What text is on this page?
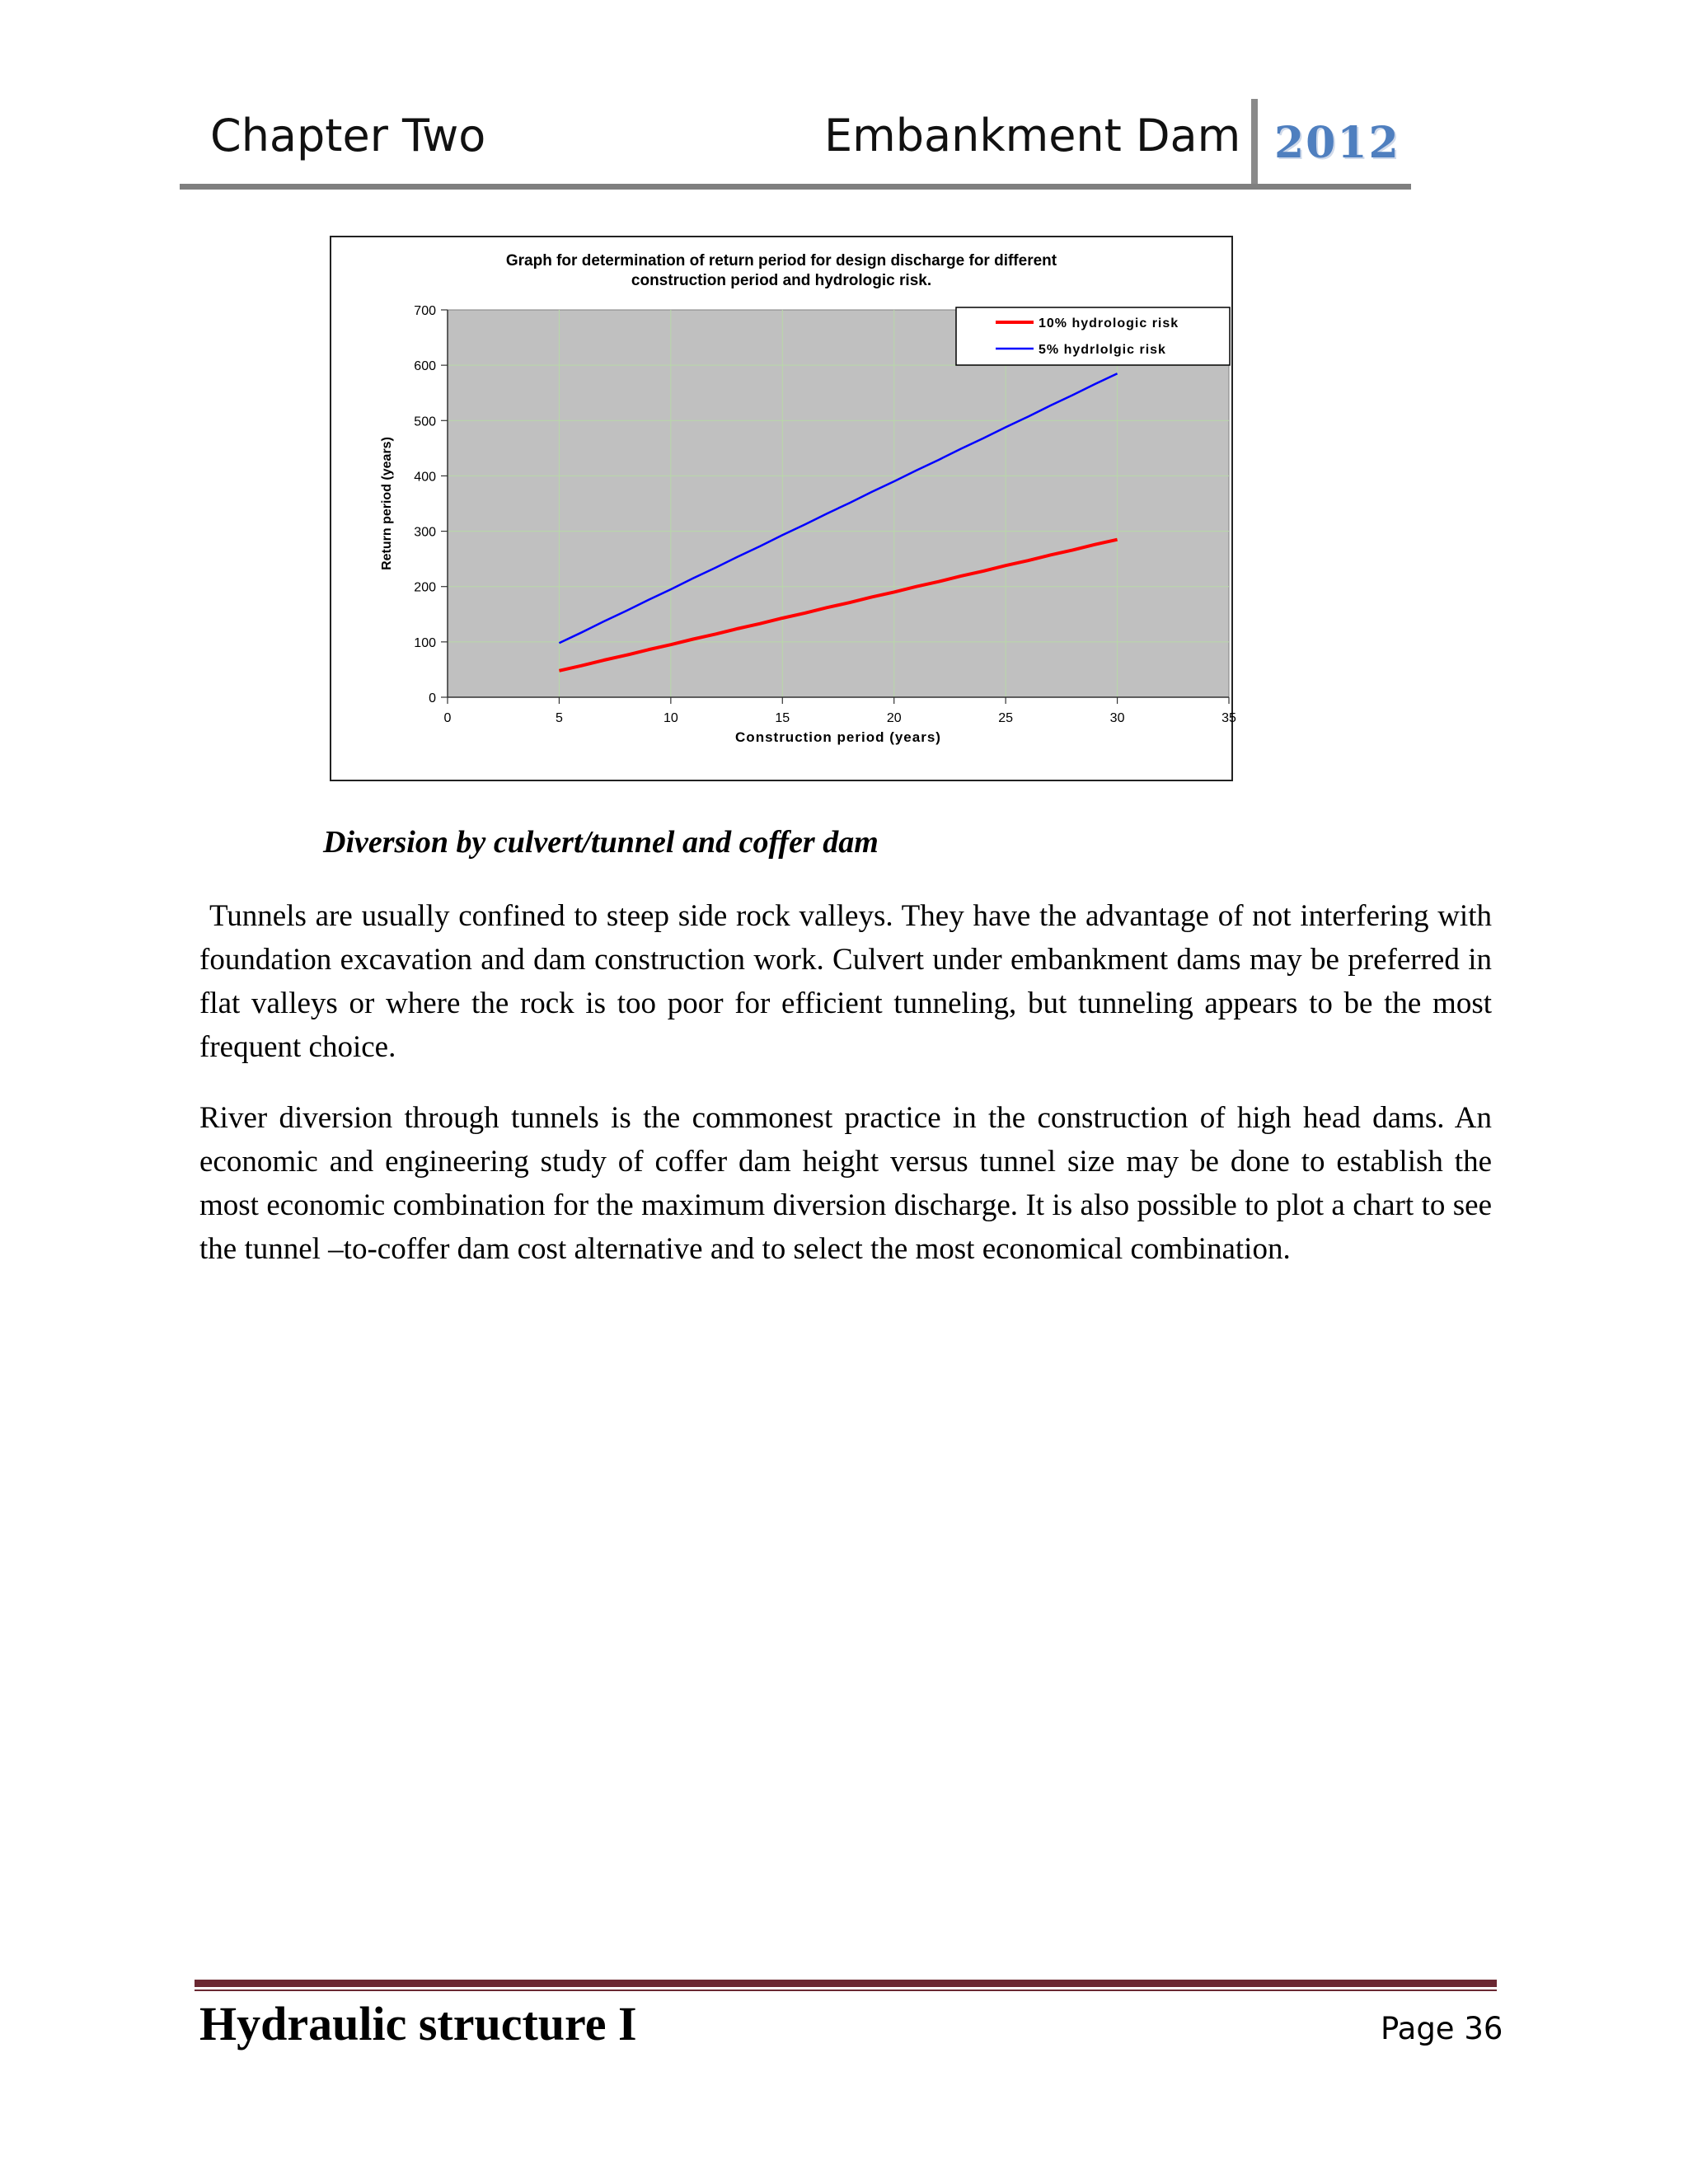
Chapter Two	Embankment Dam 2012
Graph for determination of return period for design discharge for different
construction period and hydrologic risk.
0	5	10	15	20	25	30	35
0
100
200
300
400
500
600
700
Construction period (years)
Return period (years)
10% hydrologic risk
5% hydrlolgic risk
Diversion by culvert/tunnel and coffer dam

Tunnels are usually confined to steep side rock valleys. They have the advantage of not interfering with foundation excavation and dam construction work. Culvert under embankment dams may be preferred in flat valleys or where the rock is too poor for efficient tunneling, but tunneling appears to be the most frequent choice.

River diversion through tunnels is the commonest practice in the construction of high head dams. An economic and engineering study of coffer dam height versus tunnel size may be done to establish the most economic combination for the maximum diversion discharge. It is also possible to plot a chart to see the tunnel –to-coffer dam cost alternative and to select the most economical combination.

Hydraulic structure I	Page 36
